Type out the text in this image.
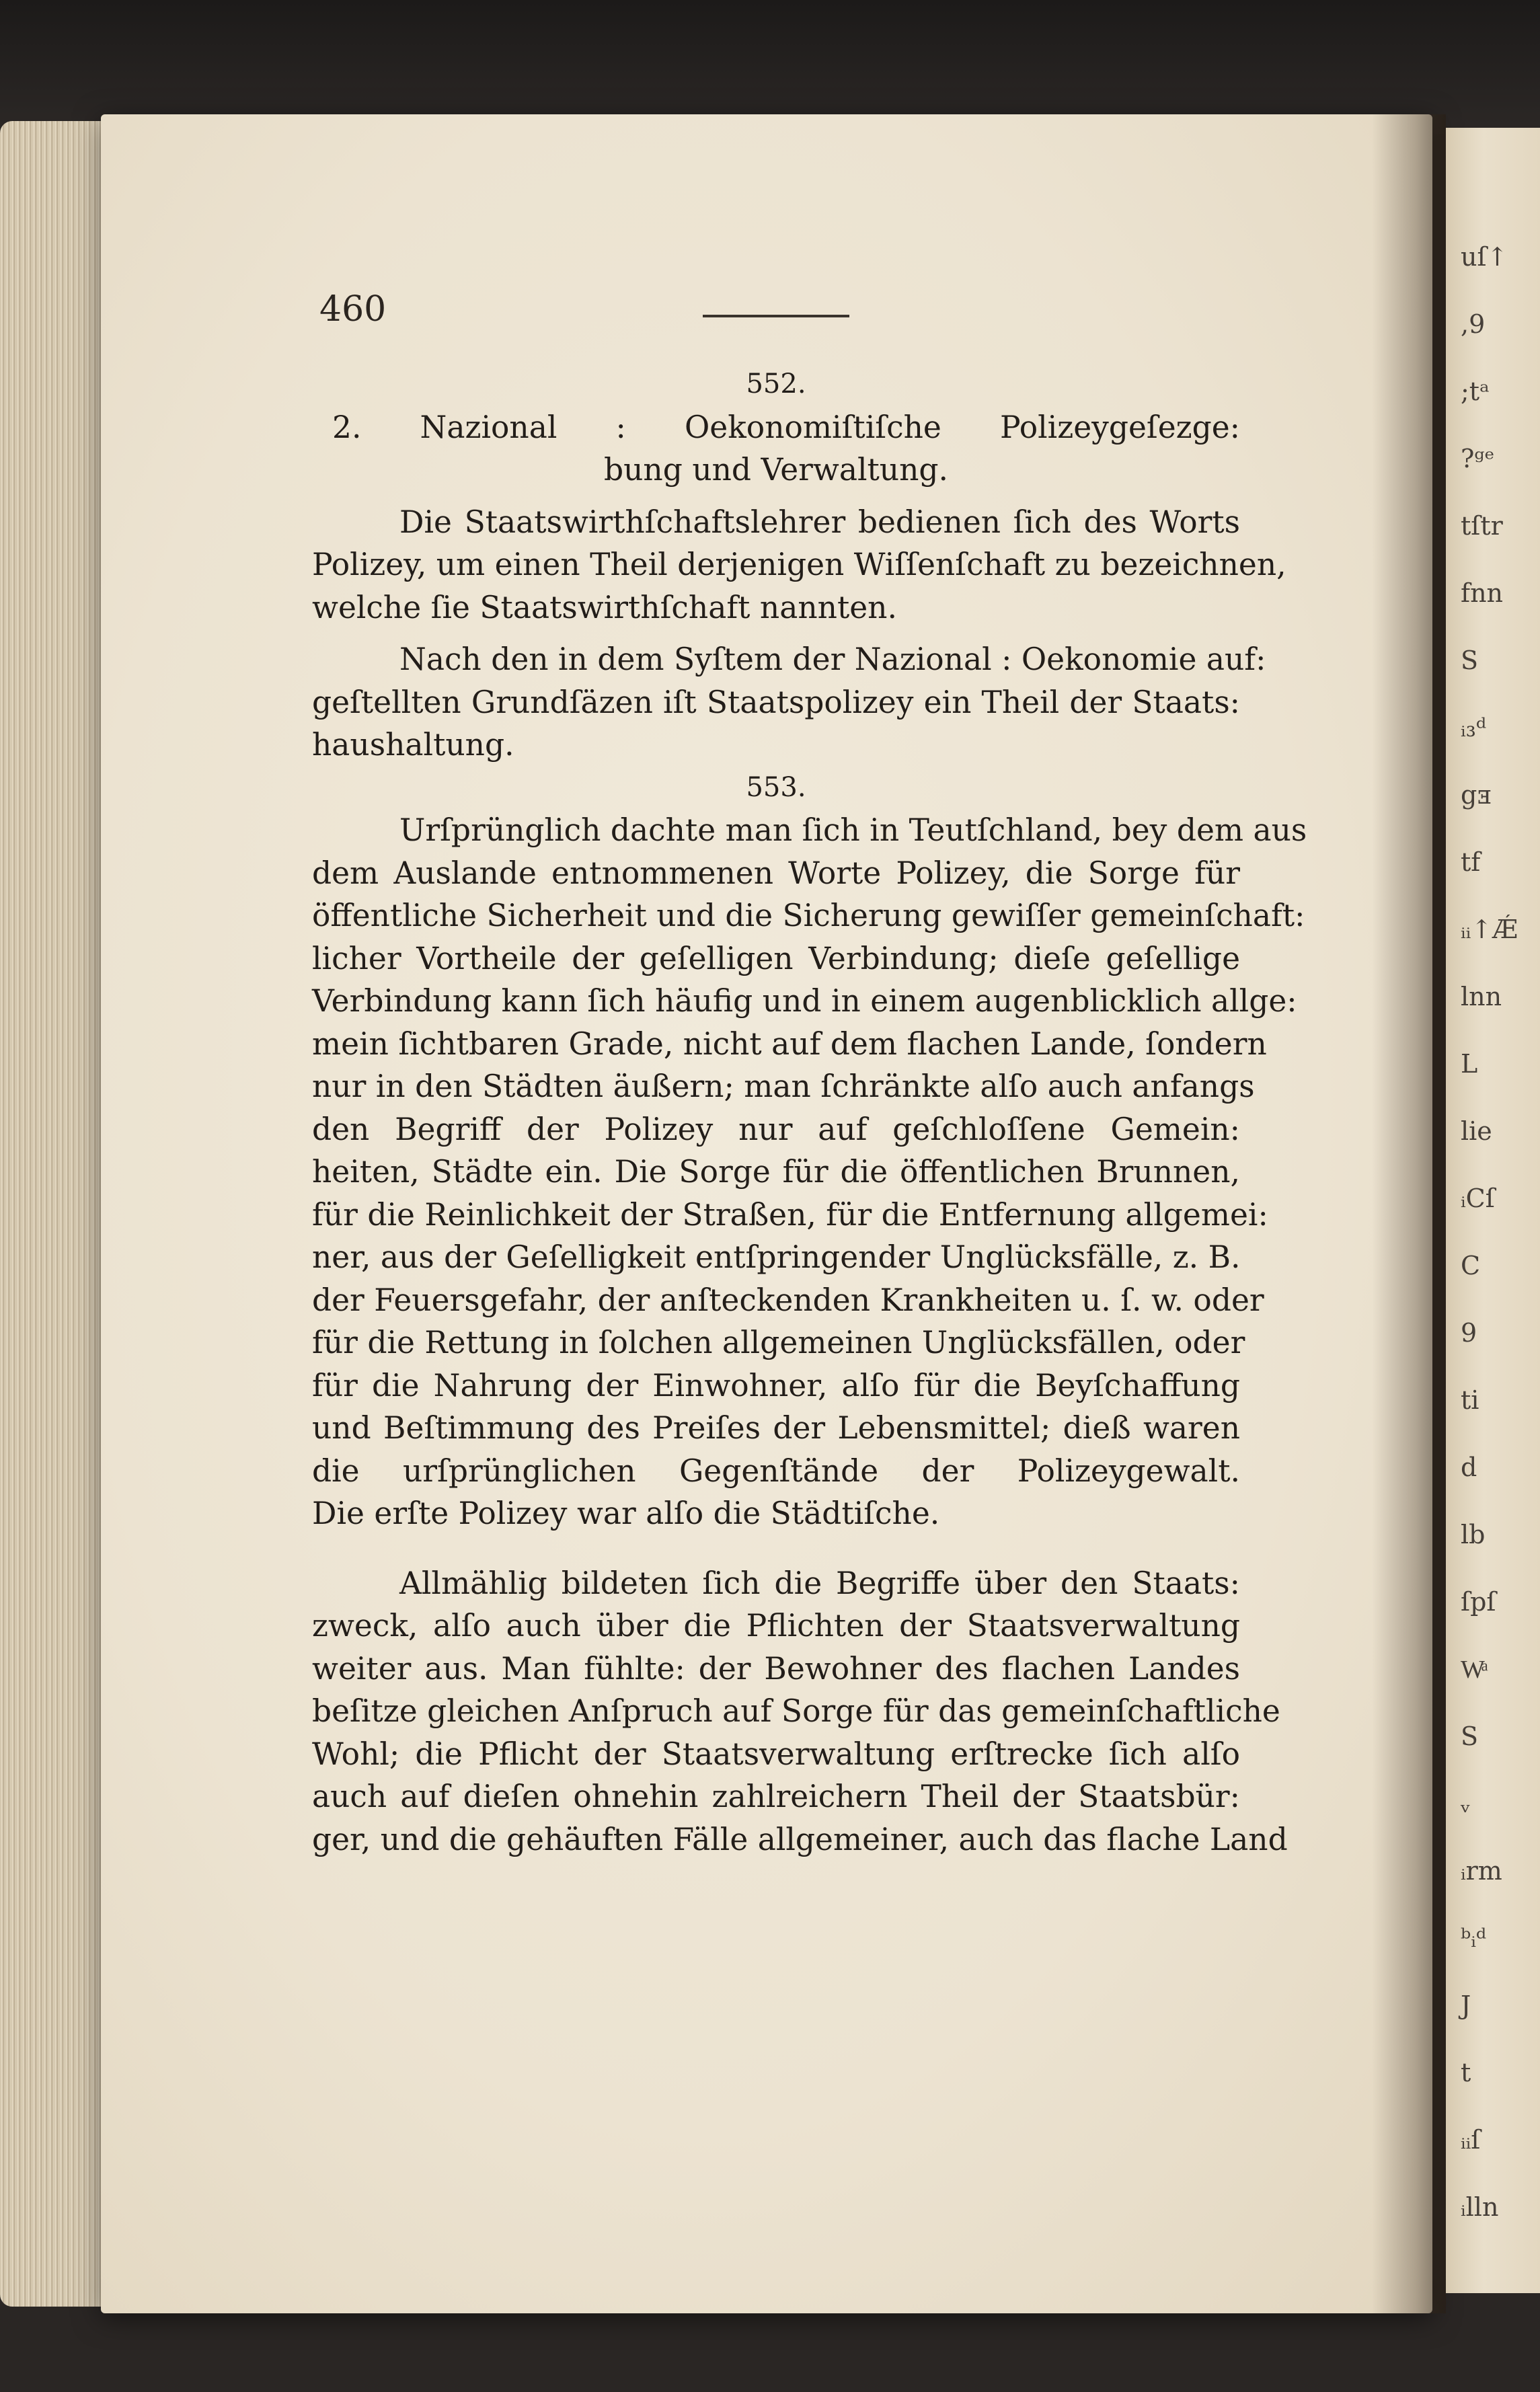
uſ↑
,9
;tᵃ
?ᵍᵉ
tſtr
fnn
S
ᵢ₃ᵈ
gⱻ
tf
ᵢᵢ↑Ǽ
lnn
L
lie
ᵢCſ
C
9
ti
d
lb
ſpſ
Wͣ
S
ᵥ
ᵢrm
ᵇᵢᵈ
J
t
ᵢᵢſ
ᵢlln
460
552.
2. Nazional : Oekonomiſtiſche Polizeygeſezge:
bung und Verwaltung.
Die Staatswirthſchaftslehrer bedienen ſich des Worts
Polizey, um einen Theil derjenigen Wiſſenſchaft zu bezeichnen,
welche ſie Staatswirthſchaft nannten.
Nach den in dem Syſtem der Nazional : Oekonomie auf:
geſtellten Grundſäzen iſt Staatspolizey ein Theil der Staats:
haushaltung.
553.
Urſprünglich dachte man ſich in Teutſchland, bey dem aus
dem Auslande entnommenen Worte Polizey, die Sorge für
öffentliche Sicherheit und die Sicherung gewiſſer gemeinſchaft:
licher Vortheile der geſelligen Verbindung; dieſe geſellige
Verbindung kann ſich häufig und in einem augenblicklich allge:
mein ſichtbaren Grade, nicht auf dem flachen Lande, ſondern
nur in den Städten äußern; man ſchränkte alſo auch anfangs
den Begriff der Polizey nur auf geſchloſſene Gemein:
heiten, Städte ein. Die Sorge für die öffentlichen Brunnen,
für die Reinlichkeit der Straßen, für die Entfernung allgemei:
ner, aus der Geſelligkeit entſpringender Unglücksfälle, z. B.
der Feuersgefahr, der anſteckenden Krankheiten u. ſ. w. oder
für die Rettung in ſolchen allgemeinen Unglücksfällen, oder
für die Nahrung der Einwohner, alſo für die Beyſchaffung
und Beſtimmung des Preiſes der Lebensmittel; dieß waren
die urſprünglichen Gegenſtände der Polizeygewalt.
Die erſte Polizey war alſo die Städtiſche.
Allmählig bildeten ſich die Begriffe über den Staats:
zweck, alſo auch über die Pflichten der Staatsverwaltung
weiter aus. Man fühlte: der Bewohner des flachen Landes
beſitze gleichen Anſpruch auf Sorge für das gemeinſchaftliche
Wohl; die Pflicht der Staatsverwaltung erſtrecke ſich alſo
auch auf dieſen ohnehin zahlreichern Theil der Staatsbür:
ger, und die gehäuften Fälle allgemeiner, auch das flache Land
